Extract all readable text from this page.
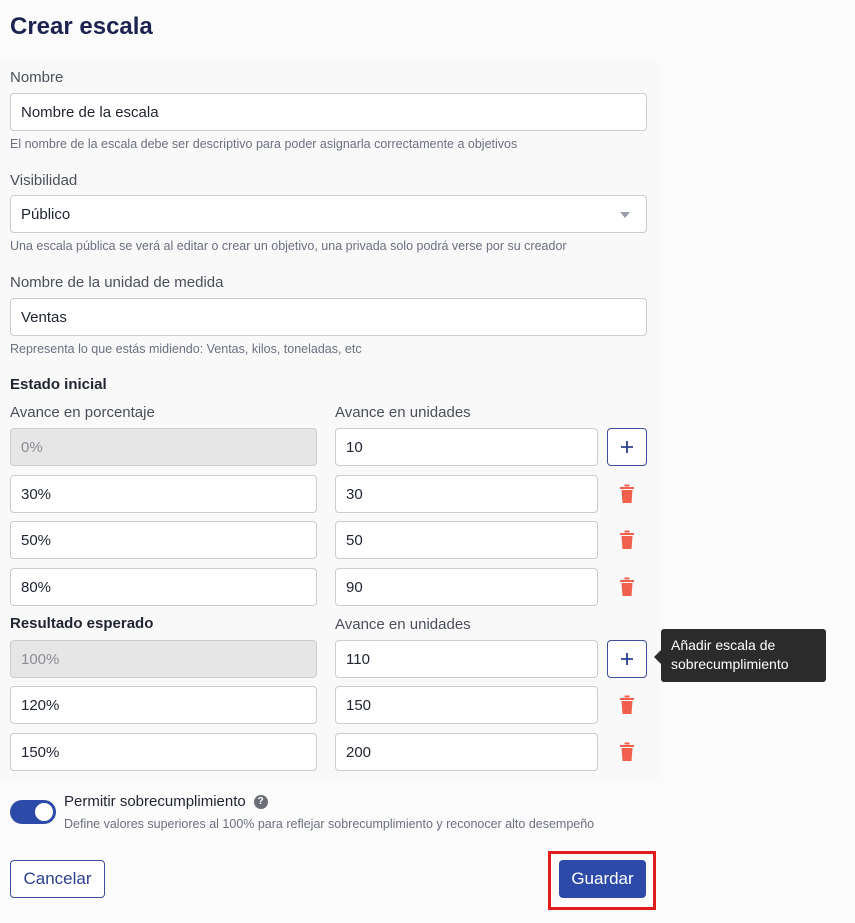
Crear escala
Nombre
Nombre de la escala
El nombre de la escala debe ser descriptivo para poder asignarla correctamente a objetivos
Visibilidad
Público
Una escala pública se verá al editar o crear un objetivo, una privada solo podrá verse por su creador
Nombre de la unidad de medida
Ventas
Representa lo que estás midiendo: Ventas, kilos, toneladas, etc
Estado inicial
Avance en porcentaje	Avance en unidades
0%	10
30%	30
50%	50
80%	90
Resultado esperado	Avance en unidades
100%	110
Añadir escala de sobrecumplimiento
120%	150
150%	200
Permitir sobrecumplimiento	?
Define valores superiores al 100% para reflejar sobrecumplimiento y reconocer alto desempeño
Cancelar	Guardar
